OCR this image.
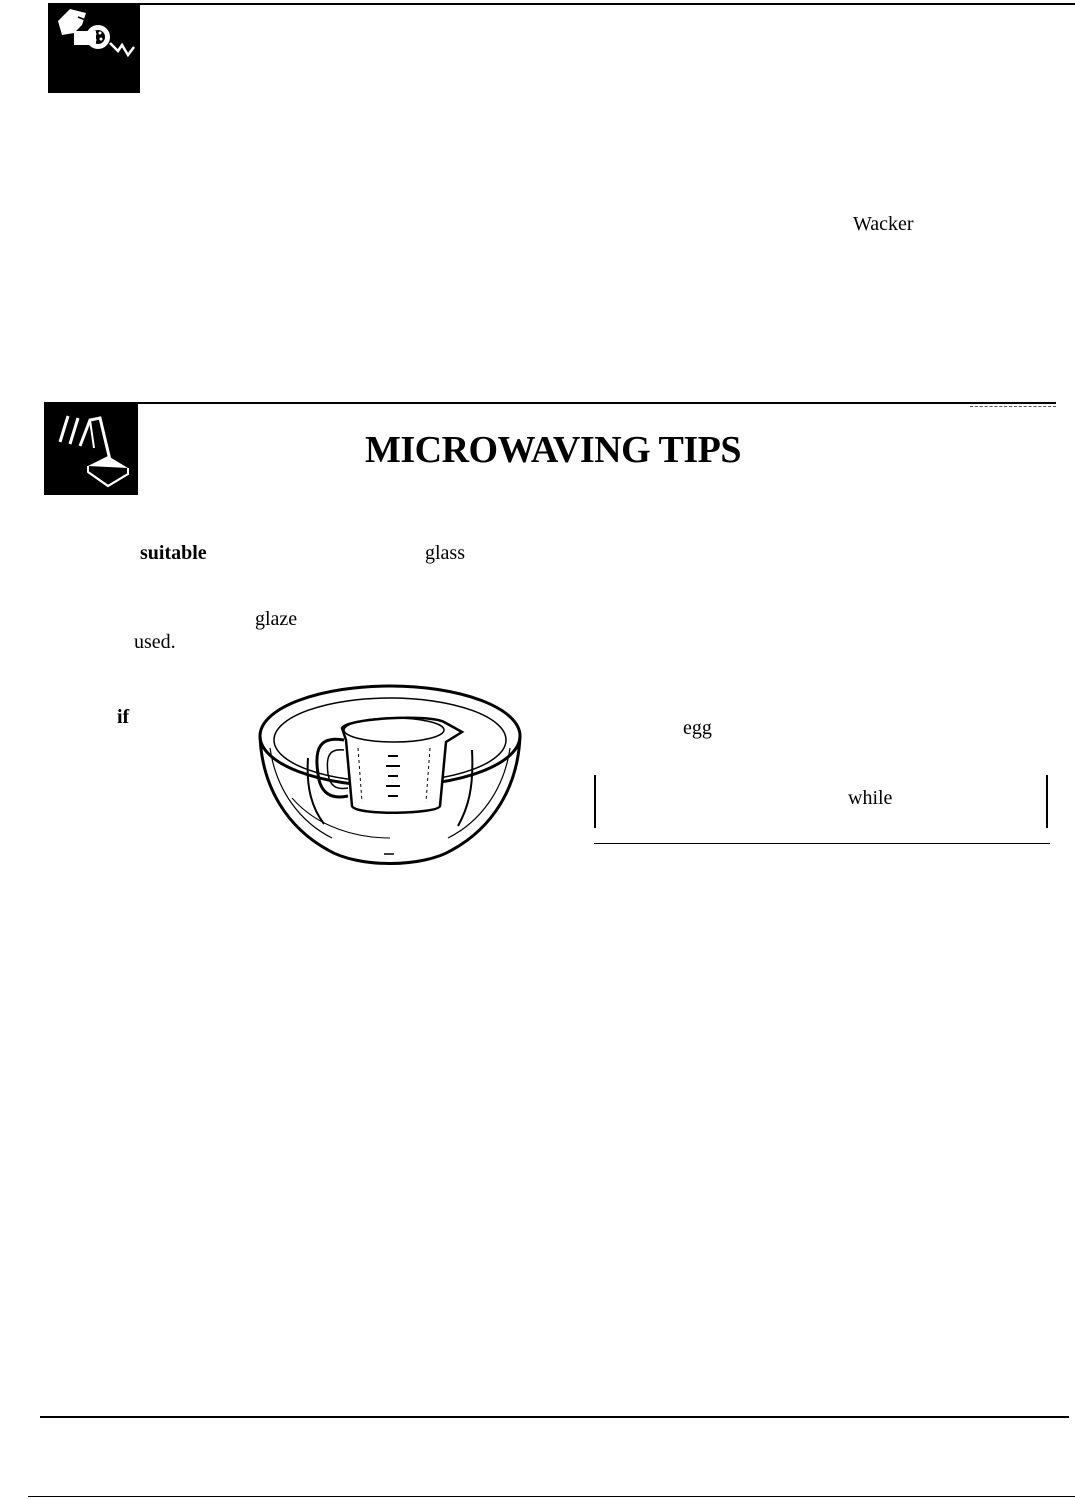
Wacker
MICROWAVING TIPS
suitable	glass
glaze
used.
if	egg
while
